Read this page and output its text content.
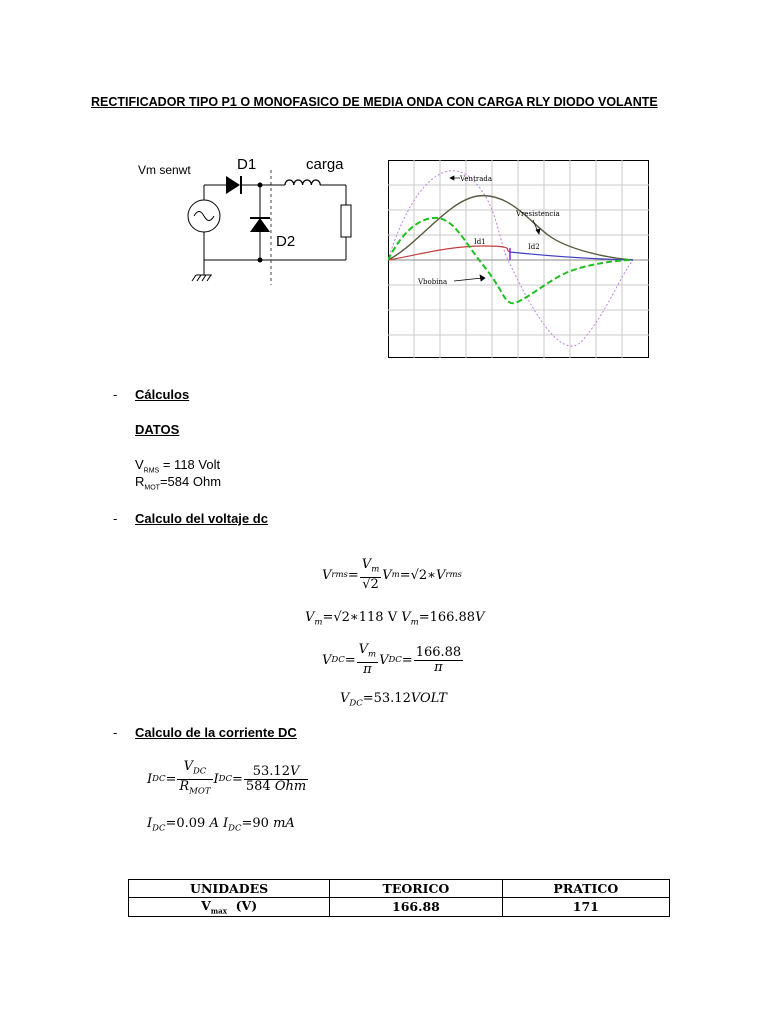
RECTIFICADOR TIPO P1 O MONOFASICO DE MEDIA ONDA CON CARGA RLY DIODO VOLANTE
Vm senwt	D1	carga
D2
Ventrada
Vresistencia
Id1
Id2
Vbobina
- Cálculos
DATOS
$V_{RMS} = 118$ Volt
$R_{MOT}=584$ Ohm
- Calculo del voltaje dc
V rms = $\frac{V_m}{√2}$ V m = √2∗ V rms
$V_m=√2∗118$ V $V_m=166.88V$
V DC = $\frac{V_m}{\pi}$ V DC = $\frac{166.88}{\pi}$
$V_{DC}=53.12VOLT$
- Calculo de la corriente DC
I DC = $\frac{V_{DC}}{R_{MOT}}$ I DC = $\frac{53.12V}{\text{584 Ohm}}$
$I_{DC}=0.09$ A $I_{DC}=90$ mA
UNIDADES	TEORICO	PRATICO
$V_{max}$ (V)	166.88	171
